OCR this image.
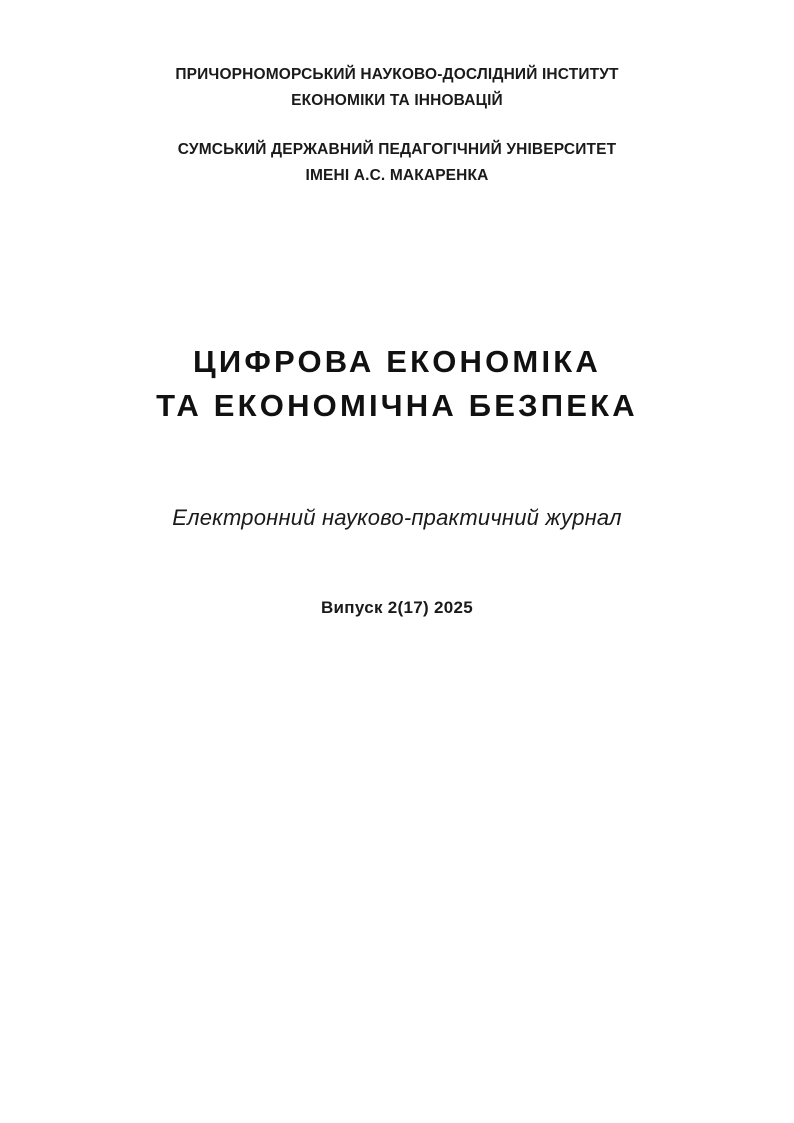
ПРИЧОРНОМОРСЬКИЙ НАУКОВО-ДОСЛІДНИЙ ІНСТИТУТ
ЕКОНОМІКИ ТА ІННОВАЦІЙ
СУМСЬКИЙ ДЕРЖАВНИЙ ПЕДАГОГІЧНИЙ УНІВЕРСИТЕТ
ІМЕНІ А.С. МАКАРЕНКА
ЦИФРОВА ЕКОНОМІКА
ТА ЕКОНОМІЧНА БЕЗПЕКА
Електронний науково-практичний журнал
Випуск 2(17) 2025
